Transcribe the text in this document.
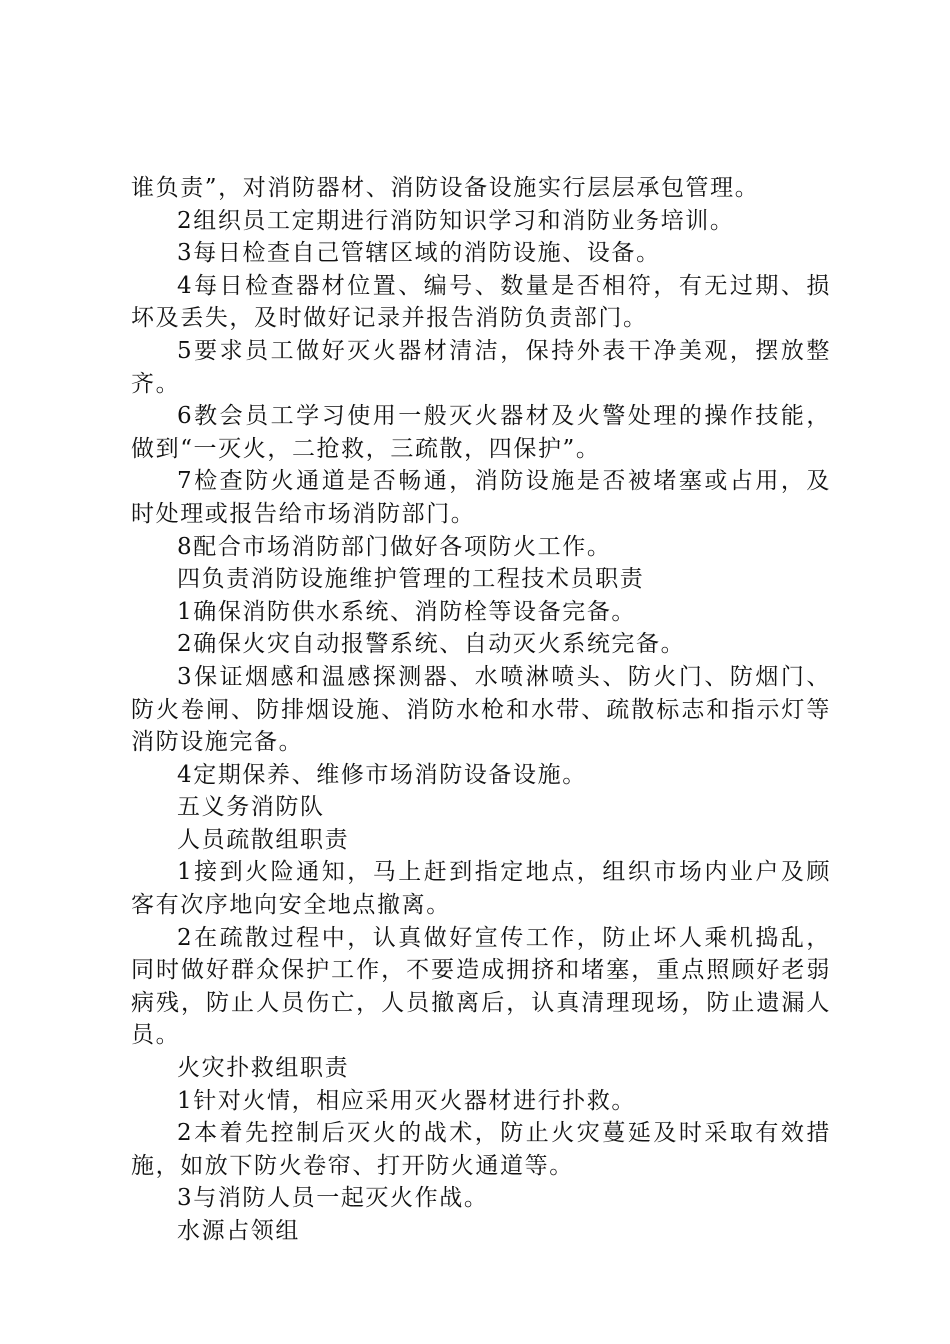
谁负责”，对消防器材、消防设备设施实行层层承包管理。

2组织员工定期进行消防知识学习和消防业务培训。

3每日检查自己管辖区域的消防设施、设备。

4每日检查器材位置、编号、数量是否相符，有无过期、损坏及丢失，及时做好记录并报告消防负责部门。

5要求员工做好灭火器材清洁，保持外表干净美观，摆放整齐。

6教会员工学习使用一般灭火器材及火警处理的操作技能，做到“一灭火，二抢救，三疏散，四保护”。

7检查防火通道是否畅通，消防设施是否被堵塞或占用，及时处理或报告给市场消防部门。

8配合市场消防部门做好各项防火工作。

四负责消防设施维护管理的工程技术员职责

1确保消防供水系统、消防栓等设备完备。

2确保火灾自动报警系统、自动灭火系统完备。

3保证烟感和温感探测器、水喷淋喷头、防火门、防烟门、防火卷闸、防排烟设施、消防水枪和水带、疏散标志和指示灯等消防设施完备。

4定期保养、维修市场消防设备设施。

五义务消防队

人员疏散组职责

1接到火险通知，马上赶到指定地点，组织市场内业户及顾客有次序地向安全地点撤离。

2在疏散过程中，认真做好宣传工作，防止坏人乘机捣乱，同时做好群众保护工作，不要造成拥挤和堵塞，重点照顾好老弱病残，防止人员伤亡，人员撤离后，认真清理现场，防止遗漏人员。

火灾扑救组职责

1针对火情，相应采用灭火器材进行扑救。

2本着先控制后灭火的战术，防止火灾蔓延及时采取有效措施，如放下防火卷帘、打开防火通道等。

3与消防人员一起灭火作战。

水源占领组
